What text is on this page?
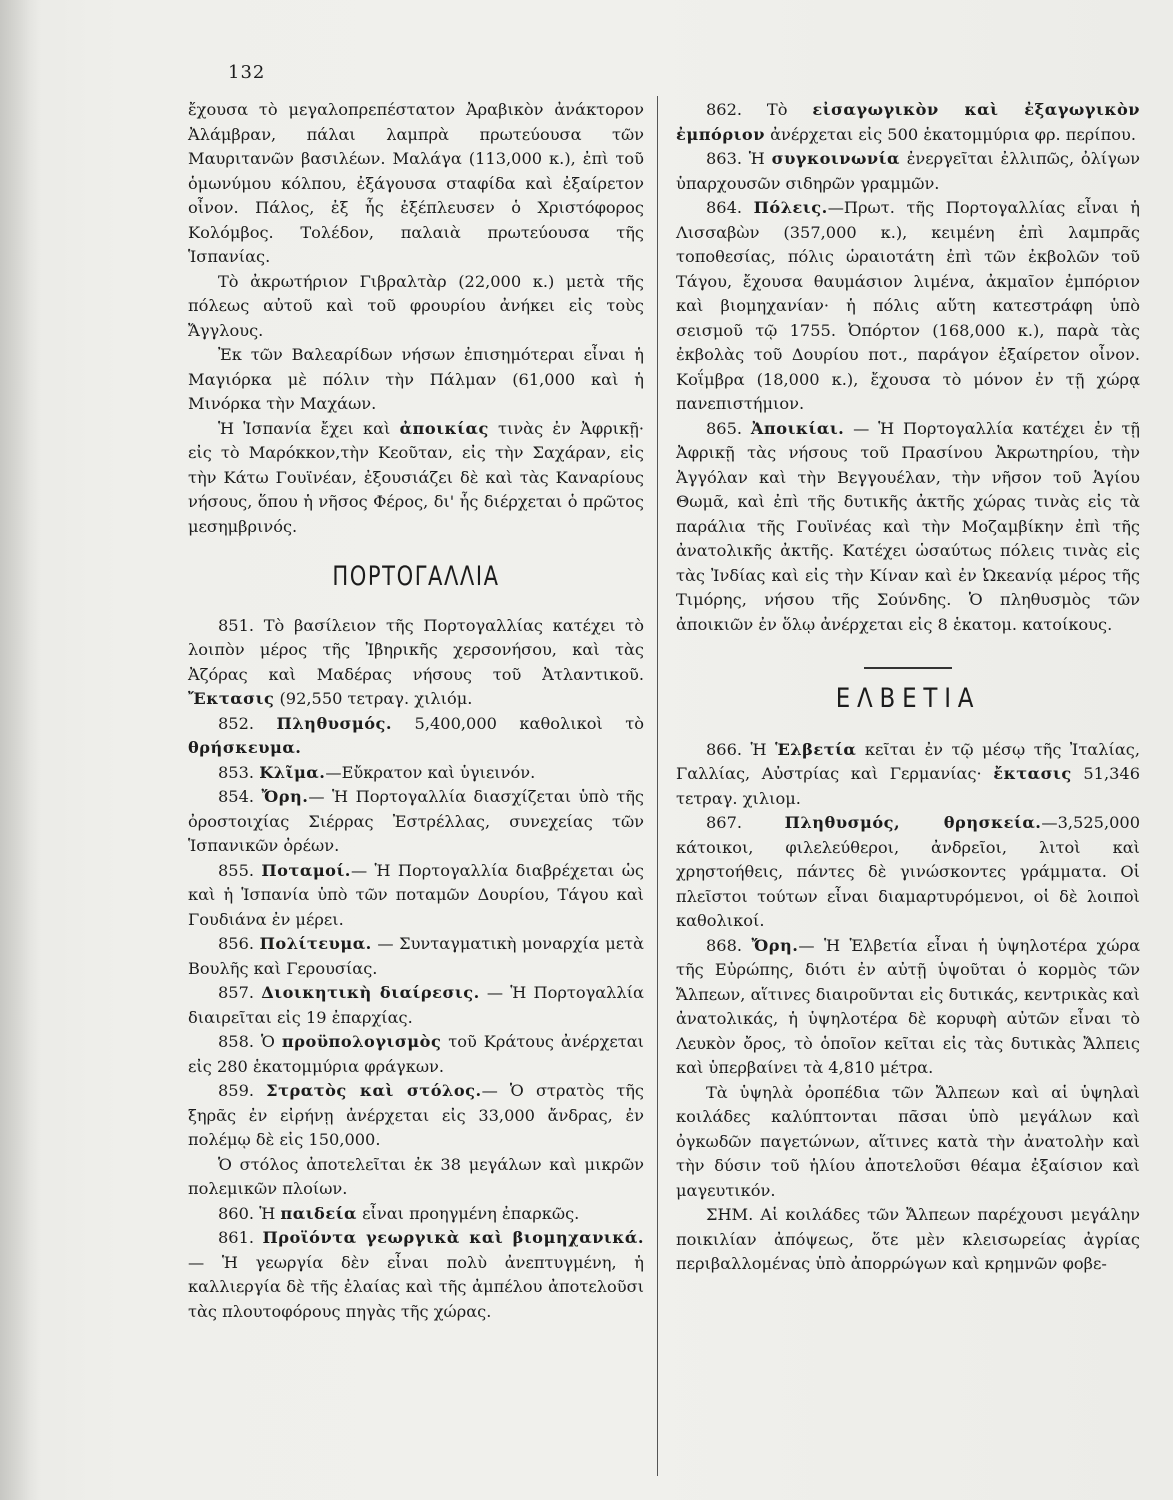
132

ἔχουσα τὸ μεγαλοπρεπέστατον Ἀραβικὸν ἀνάκτορον Ἀλάμβραν, πάλαι λαμπρὰ πρωτεύουσα τῶν Μαυριτανῶν βασιλέων. Μαλάγα (113,000 κ.), ἐπὶ τοῦ ὁμωνύμου κόλπου, ἐξάγουσα σταφίδα καὶ ἐξαίρετον οἶνον. Πάλος, ἐξ ἧς ἐξέπλευσεν ὁ Χριστόφορος Κολόμβος. Τολέδον, παλαιὰ πρωτεύουσα τῆς Ἱσπανίας.

Τὸ ἀκρωτήριον Γιβραλτὰρ (22,000 κ.) μετὰ τῆς πόλεως αὐτοῦ καὶ τοῦ φρουρίου ἀνήκει εἰς τοὺς Ἄγγλους.

Ἐκ τῶν Βαλεαρίδων νήσων ἐπισημότεραι εἶναι ἡ Μαγιόρκα μὲ πόλιν τὴν Πάλμαν (61,000 καὶ ἡ Μινόρκα τὴν Μαχάων.

Ἡ Ἱσπανία ἔχει καὶ ἀποικίας τινὰς ἐν Ἀφρικῇ· εἰς τὸ Μαρόκκον,τὴν Κεοῦταν, εἰς τὴν Σαχάραν, εἰς τὴν Κάτω Γουϊνέαν, ἐξουσιάζει δὲ καὶ τὰς Καναρίους νήσους, ὅπου ἡ νῆσος Φέρος, δι' ἧς διέρχεται ὁ πρῶτος μεσημβρινός.

ΠΟΡΤΟΓΑΛΛΙΑ

851. Τὸ βασίλειον τῆς Πορτογαλλίας κατέχει τὸ λοιπὸν μέρος τῆς Ἰβηρικῆς χερσονήσου, καὶ τὰς Ἀζόρας καὶ Μαδέρας νήσους τοῦ Ἀτλαντικοῦ. Ἔκτασις (92,550 τετραγ. χιλιόμ.

852. Πληθυσμός. 5,400,000 καθολικοὶ τὸ θρήσκευμα.

853. Κλῖμα.—Εὔκρατον καὶ ὑγιεινόν.

854. Ὄρη.— Ἡ Πορτογαλλία διασχίζεται ὑπὸ τῆς ὀροστοιχίας Σιέρρας Ἐστρέλλας, συνεχείας τῶν Ἱσπανικῶν ὀρέων.

855. Ποταμοί.— Ἡ Πορτογαλλία διαβρέχεται ὡς καὶ ἡ Ἱσπανία ὑπὸ τῶν ποταμῶν Δουρίου, Τάγου καὶ Γουδιάνα ἐν μέρει.

856. Πολίτευμα. — Συνταγματικὴ μοναρχία μετὰ Βουλῆς καὶ Γερουσίας.

857. Διοικητικὴ διαίρεσις. — Ἡ Πορτογαλλία διαιρεῖται εἰς 19 ἐπαρχίας.

858. Ὁ προϋπολογισμὸς τοῦ Κράτους ἀνέρχεται εἰς 280 ἑκατομμύρια φράγκων.

859. Στρατὸς καὶ στόλος.— Ὁ στρατὸς τῆς ξηρᾶς ἐν εἰρήνῃ ἀνέρχεται εἰς 33,000 ἄνδρας, ἐν πολέμῳ δὲ εἰς 150,000.

Ὁ στόλος ἀποτελεῖται ἐκ 38 μεγάλων καὶ μικρῶν πολεμικῶν πλοίων.

860. Ἡ παιδεία εἶναι προηγμένη ἐπαρκῶς.

861. Προϊόντα γεωργικὰ καὶ βιομηχανικά. — Ἡ γεωργία δὲν εἶναι πολὺ ἀνεπτυγμένη, ἡ καλλιεργία δὲ τῆς ἐλαίας καὶ τῆς ἀμπέλου ἀποτελοῦσι τὰς πλουτοφόρους πηγὰς τῆς χώρας.

862. Τὸ εἰσαγωγικὸν καὶ ἐξαγωγικὸν ἐμπόριον ἀνέρχεται εἰς 500 ἑκατομμύρια φρ. περίπου.

863. Ἡ συγκοινωνία ἐνεργεῖται ἐλλιπῶς, ὀλίγων ὑπαρχουσῶν σιδηρῶν γραμμῶν.

864. Πόλεις.—Πρωτ. τῆς Πορτογαλλίας εἶναι ἡ Λισσαβὼν (357,000 κ.), κειμένη ἐπὶ λαμπρᾶς τοποθεσίας, πόλις ὡραιοτάτη ἐπὶ τῶν ἐκβολῶν τοῦ Τάγου, ἔχουσα θαυμάσιον λιμένα, ἀκμαῖον ἐμπόριον καὶ βιομηχανίαν· ἡ πόλις αὕτη κατεστράφη ὑπὸ σεισμοῦ τῷ 1755. Ὀπόρτον (168,000 κ.), παρὰ τὰς ἐκβολὰς τοῦ Δουρίου ποτ., παράγον ἐξαίρετον οἶνον. Κοΐμβρα (18,000 κ.), ἔχουσα τὸ μόνον ἐν τῇ χώρᾳ πανεπιστήμιον.

865. Ἀποικίαι. — Ἡ Πορτογαλλία κατέχει ἐν τῇ Ἀφρικῇ τὰς νήσους τοῦ Πρασίνου Ἀκρωτηρίου, τὴν Ἀγγόλαν καὶ τὴν Βεγγουέλαν, τὴν νῆσον τοῦ Ἁγίου Θωμᾶ, καὶ ἐπὶ τῆς δυτικῆς ἀκτῆς χώρας τινὰς εἰς τὰ παράλια τῆς Γουϊνέας καὶ τὴν Μοζαμβίκην ἐπὶ τῆς ἀνατολικῆς ἀκτῆς. Κατέχει ὡσαύτως πόλεις τινὰς εἰς τὰς Ἰνδίας καὶ εἰς τὴν Κίναν καὶ ἐν Ὠκεανίᾳ μέρος τῆς Τιμόρης, νήσου τῆς Σούνδης. Ὁ πληθυσμὸς τῶν ἀποικιῶν ἐν ὅλῳ ἀνέρχεται εἰς 8 ἑκατομ. κατοίκους.

ΕΛΒΕΤΙΑ

866. Ἡ Ἑλβετία κεῖται ἐν τῷ μέσῳ τῆς Ἰταλίας, Γαλλίας, Αὐστρίας καὶ Γερμανίας· ἔκτασις 51,346 τετραγ. χιλιομ.

867. Πληθυσμός, θρησκεία.—3,525,000 κάτοικοι, φιλελεύθεροι, ἀνδρεῖοι, λιτοὶ καὶ χρηστοήθεις, πάντες δὲ γινώσκοντες γράμματα. Οἱ πλεῖστοι τούτων εἶναι διαμαρτυρόμενοι, οἱ δὲ λοιποὶ καθολικοί.

868. Ὄρη.— Ἡ Ἑλβετία εἶναι ἡ ὑψηλοτέρα χώρα τῆς Εὐρώπης, διότι ἐν αὐτῇ ὑψοῦται ὁ κορμὸς τῶν Ἄλπεων, αἵτινες διαιροῦνται εἰς δυτικάς, κεντρικὰς καὶ ἀνατολικάς, ἡ ὑψηλοτέρα δὲ κορυφὴ αὐτῶν εἶναι τὸ Λευκὸν ὄρος, τὸ ὁποῖον κεῖται εἰς τὰς δυτικὰς Ἄλπεις καὶ ὑπερβαίνει τὰ 4,810 μέτρα.

Τὰ ὑψηλὰ ὀροπέδια τῶν Ἄλπεων καὶ αἱ ὑψηλαὶ κοιλάδες καλύπτονται πᾶσαι ὑπὸ μεγάλων καὶ ὀγκωδῶν παγετώνων, αἵτινες κατὰ τὴν ἀνατολὴν καὶ τὴν δύσιν τοῦ ἡλίου ἀποτελοῦσι θέαμα ἐξαίσιον καὶ μαγευτικόν.

ΣΗΜ. Αἱ κοιλάδες τῶν Ἄλπεων παρέχουσι μεγάλην ποικιλίαν ἀπόψεως, ὅτε μὲν κλεισωρείας ἀγρίας περιβαλλομένας ὑπὸ ἀπορρώγων καὶ κρημνῶν φοβε-
